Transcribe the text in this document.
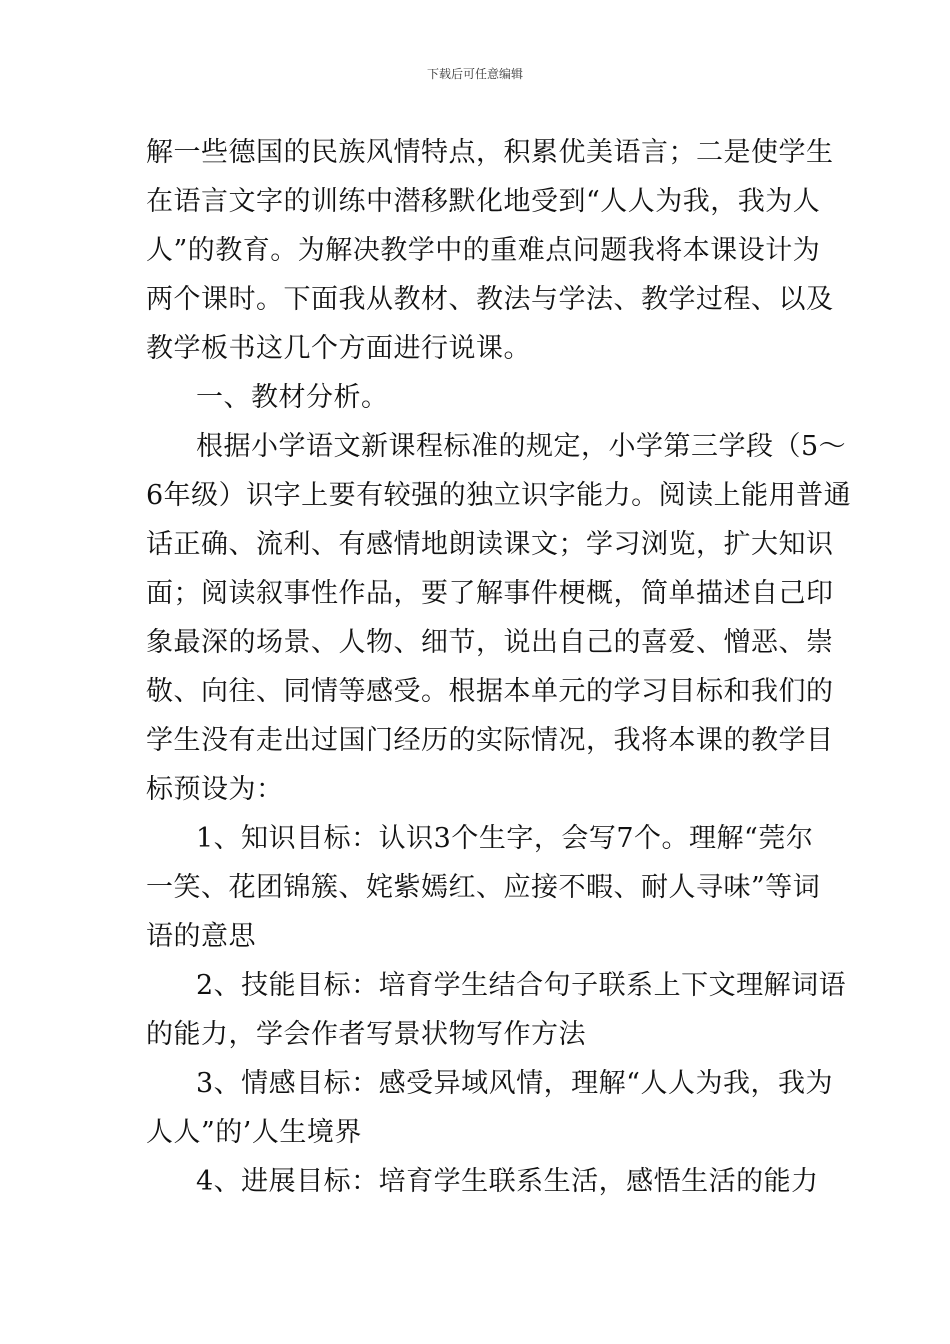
下载后可任意编辑
解一些德国的民族风情特点，积累优美语言；二是使学生
在语言文字的训练中潜移默化地受到“人人为我，我为人
人”的教育。为解决教学中的重难点问题我将本课设计为
两个课时。下面我从教材、教法与学法、教学过程、以及
教学板书这几个方面进行说课。
一、教材分析。
根据小学语文新课程标准的规定，小学第三学段（5～
6年级）识字上要有较强的独立识字能力。阅读上能用普通
话正确、流利、有感情地朗读课文；学习浏览，扩大知识
面；阅读叙事性作品，要了解事件梗概，简单描述自己印
象最深的场景、人物、细节，说出自己的喜爱、憎恶、崇
敬、向往、同情等感受。根据本单元的学习目标和我们的
学生没有走出过国门经历的实际情况，我将本课的教学目
标预设为：
1、知识目标：认识3个生字，会写7个。理解“莞尔
一笑、花团锦簇、姹紫嫣红、应接不暇、耐人寻味”等词
语的意思
2、技能目标：培育学生结合句子联系上下文理解词语
的能力，学会作者写景状物写作方法
3、情感目标：感受异域风情，理解“人人为我，我为
人人”的’人生境界
4、进展目标：培育学生联系生活，感悟生活的能力
